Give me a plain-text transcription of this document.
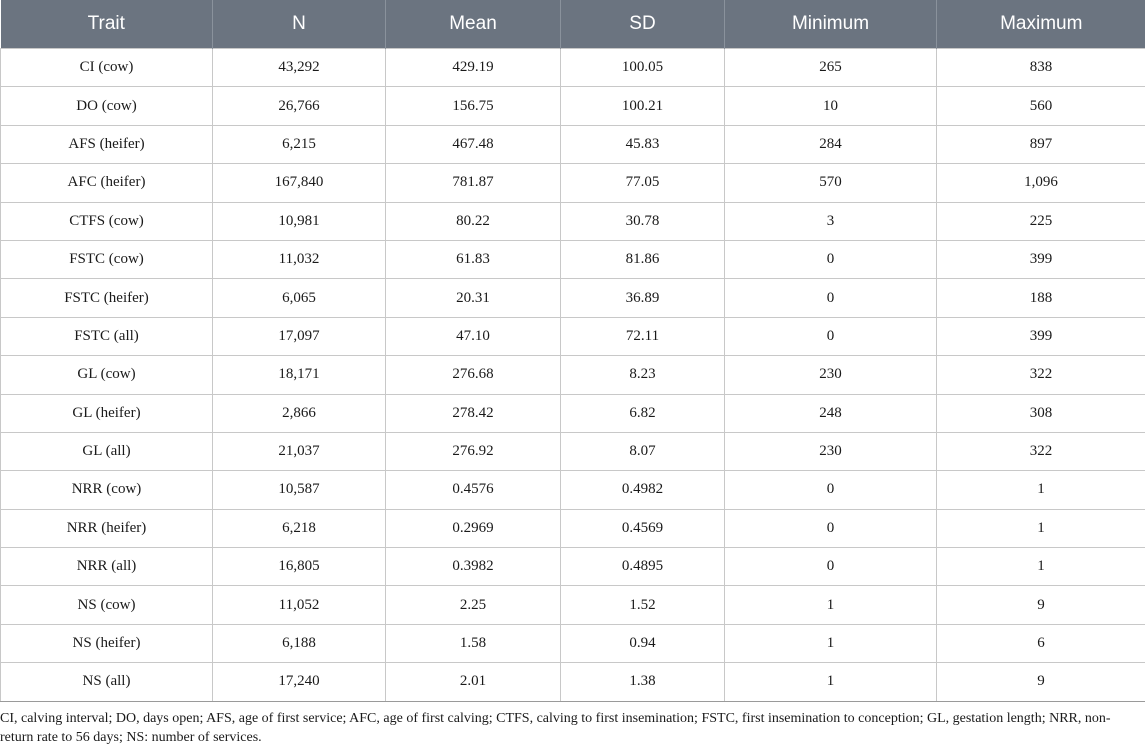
Trait	N	Mean	SD	Minimum	Maximum
CI (cow)	43,292	429.19	100.05	265	838
DO (cow)	26,766	156.75	100.21	10	560
AFS (heifer)	6,215	467.48	45.83	284	897
AFC (heifer)	167,840	781.87	77.05	570	1,096
CTFS (cow)	10,981	80.22	30.78	3	225
FSTC (cow)	11,032	61.83	81.86	0	399
FSTC (heifer)	6,065	20.31	36.89	0	188
FSTC (all)	17,097	47.10	72.11	0	399
GL (cow)	18,171	276.68	8.23	230	322
GL (heifer)	2,866	278.42	6.82	248	308
GL (all)	21,037	276.92	8.07	230	322
NRR (cow)	10,587	0.4576	0.4982	0	1
NRR (heifer)	6,218	0.2969	0.4569	0	1
NRR (all)	16,805	0.3982	0.4895	0	1
NS (cow)	11,052	2.25	1.52	1	9
NS (heifer)	6,188	1.58	0.94	1	6
NS (all)	17,240	2.01	1.38	1	9
CI, calving interval; DO, days open; AFS, age of first service; AFC, age of first calving; CTFS, calving to first insemination; FSTC, first insemination to conception; GL, gestation length; NRR, non-return rate to 56 days; NS: number of services.
